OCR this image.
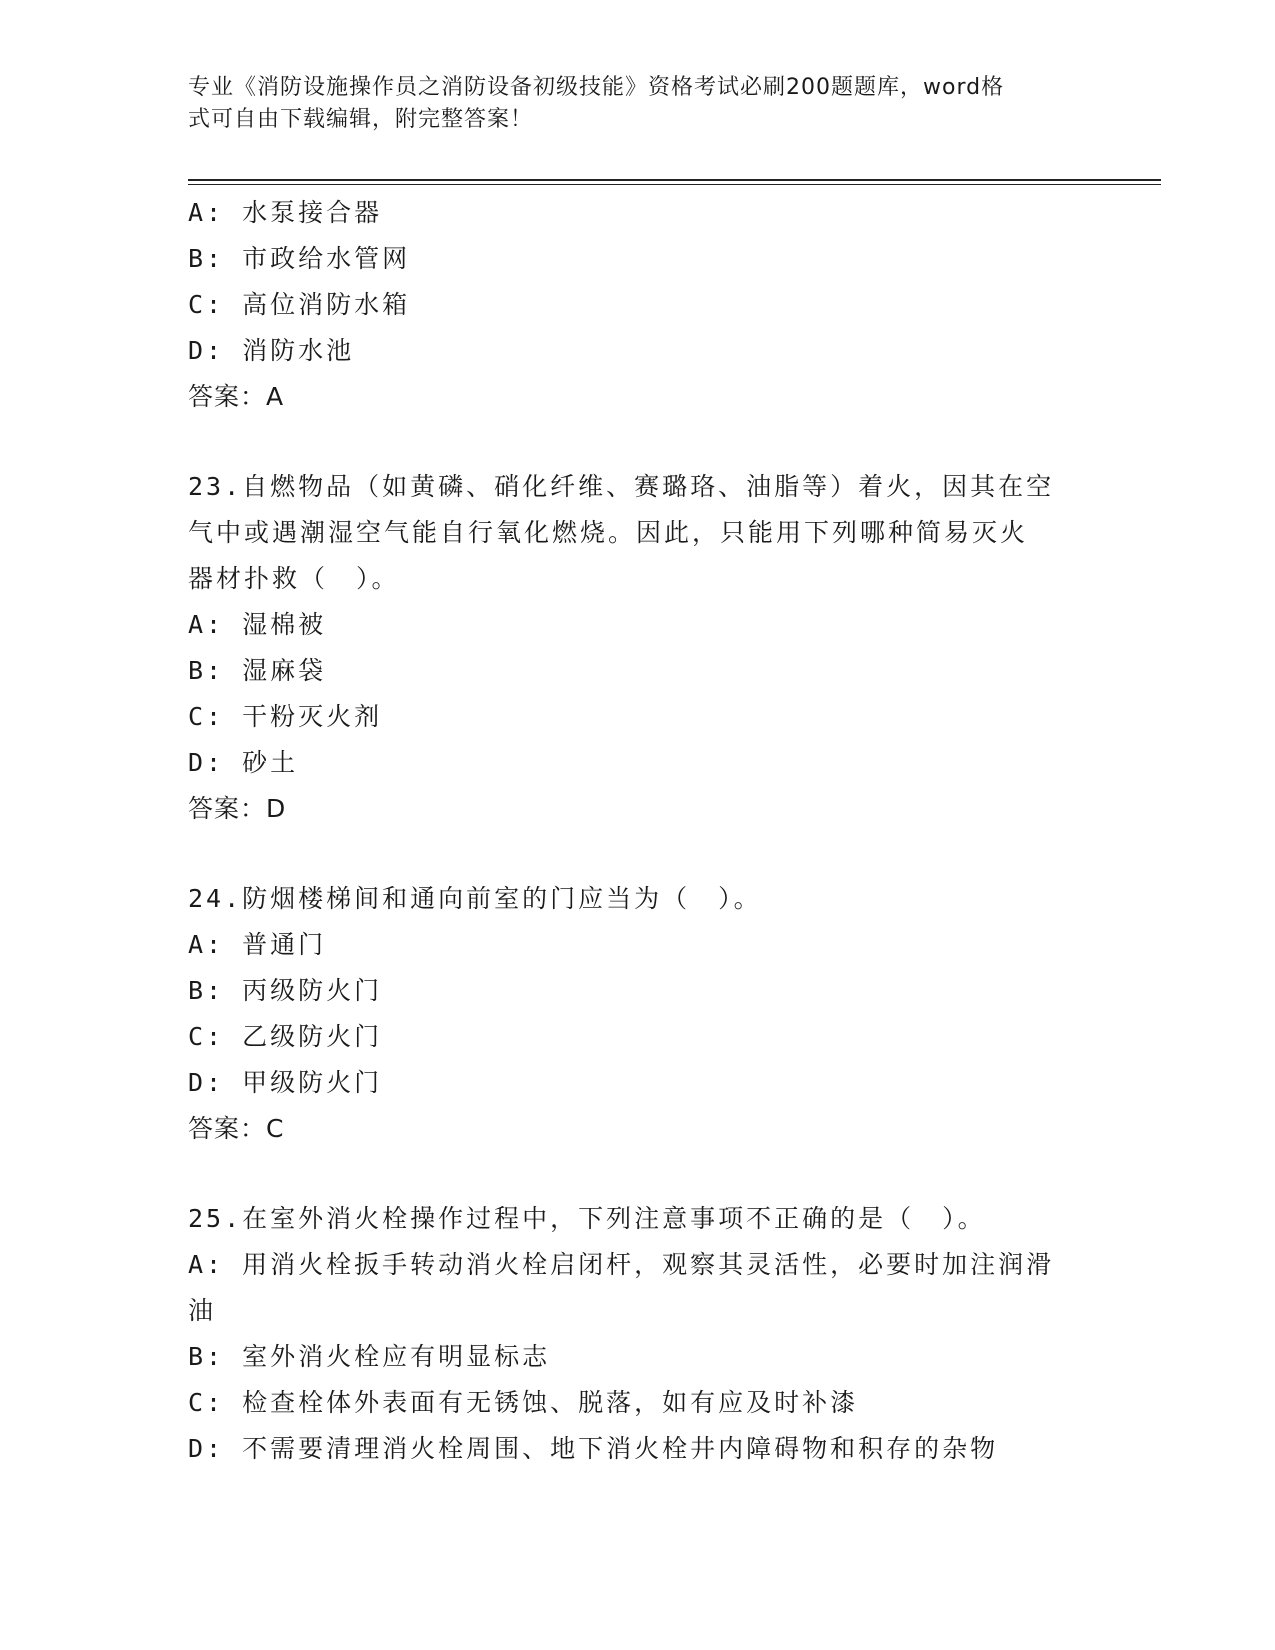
专业《消防设施操作员之消防设备初级技能》资格考试必刷200题题库，word格
式可自由下载编辑，附完整答案！
A: 水泵接合器
B: 市政给水管网
C: 高位消防水箱
D: 消防水池
答案：A
23.自燃物品（如黄磷、硝化纤维、赛璐珞、油脂等）着火，因其在空
气中或遇潮湿空气能自行氧化燃烧。因此，只能用下列哪种简易灭火
器材扑救（　）。
A: 湿棉被
B: 湿麻袋
C: 干粉灭火剂
D: 砂土
答案：D
24.防烟楼梯间和通向前室的门应当为（　）。
A: 普通门
B: 丙级防火门
C: 乙级防火门
D: 甲级防火门
答案：C
25.在室外消火栓操作过程中，下列注意事项不正确的是（　）。
A: 用消火栓扳手转动消火栓启闭杆，观察其灵活性，必要时加注润滑
油
B: 室外消火栓应有明显标志
C: 检查栓体外表面有无锈蚀、脱落，如有应及时补漆
D: 不需要清理消火栓周围、地下消火栓井内障碍物和积存的杂物
